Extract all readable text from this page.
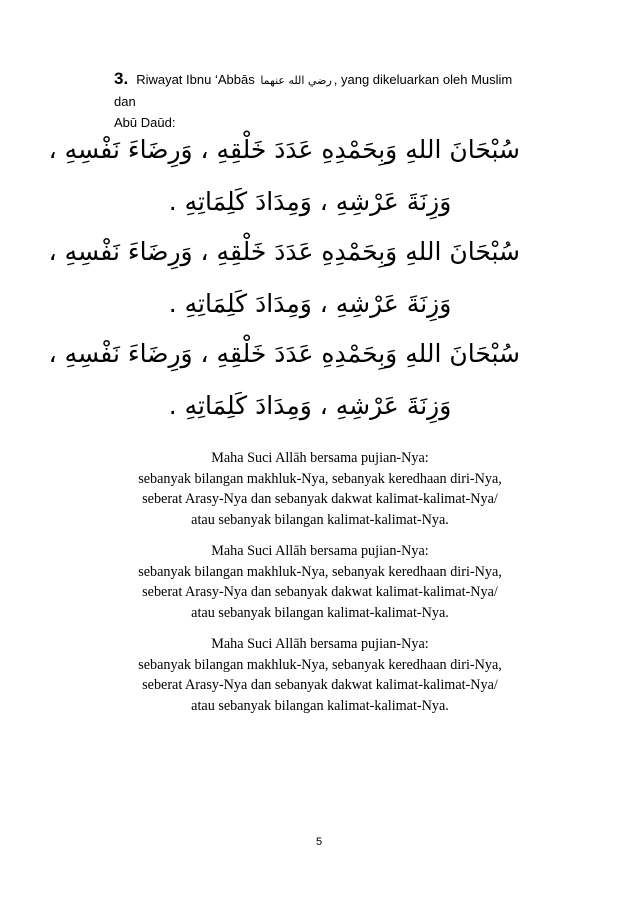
3. Riwayat Ibnu ‘Abbās رضي الله عنهما , yang dikeluarkan oleh Muslim dan
Abū Daūd:
سُبْحَانَ اللهِ وَبِحَمْدِهِ عَدَدَ خَلْقِهِ ، وَرِضَاءَ نَفْسِهِ ،
وَزِنَةَ عَرْشِهِ ، وَمِدَادَ كَلِمَاتِهِ .
سُبْحَانَ اللهِ وَبِحَمْدِهِ عَدَدَ خَلْقِهِ ، وَرِضَاءَ نَفْسِهِ ،
وَزِنَةَ عَرْشِهِ ، وَمِدَادَ كَلِمَاتِهِ .
سُبْحَانَ اللهِ وَبِحَمْدِهِ عَدَدَ خَلْقِهِ ، وَرِضَاءَ نَفْسِهِ ،
وَزِنَةَ عَرْشِهِ ، وَمِدَادَ كَلِمَاتِهِ .
Maha Suci Allāh bersama pujian-Nya:
sebanyak bilangan makhluk-Nya, sebanyak keredhaan diri-Nya,
seberat Arasy-Nya dan sebanyak dakwat kalimat-kalimat-Nya/
atau sebanyak bilangan kalimat-kalimat-Nya.
Maha Suci Allāh bersama pujian-Nya:
sebanyak bilangan makhluk-Nya, sebanyak keredhaan diri-Nya,
seberat Arasy-Nya dan sebanyak dakwat kalimat-kalimat-Nya/
atau sebanyak bilangan kalimat-kalimat-Nya.
Maha Suci Allāh bersama pujian-Nya:
sebanyak bilangan makhluk-Nya, sebanyak keredhaan diri-Nya,
seberat Arasy-Nya dan sebanyak dakwat kalimat-kalimat-Nya/
atau sebanyak bilangan kalimat-kalimat-Nya.
5
